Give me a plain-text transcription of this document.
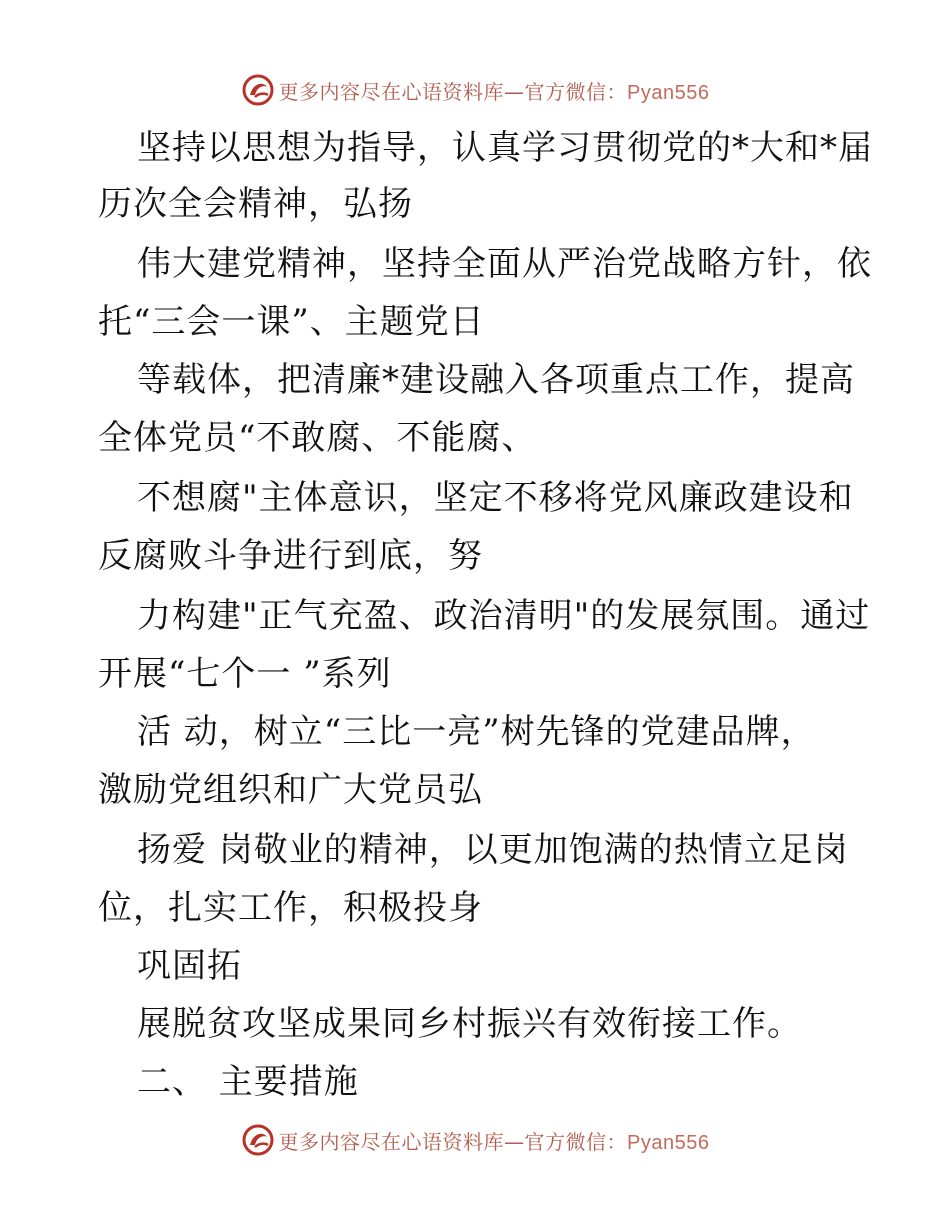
更多内容尽在心语资料库—官方微信：Pyan556
坚持以思想为指导，认真学习贯彻党的*大和*届
历次全会精神，弘扬
伟大建党精神，坚持全面从严治党战略方针，依
托“三会一课”、主题党日
等载体，把清廉*建设融入各项重点工作，提高
全体党员“不敢腐、不能腐、
不想腐"主体意识，坚定不移将党风廉政建设和
反腐败斗争进行到底，努
力构建"正气充盈、政治清明"的发展氛围。通过
开展“七个一 ”系列
活 动，树立“三比一亮”树先锋的党建品牌，
激励党组织和广大党员弘
扬爱 岗敬业的精神，以更加饱满的热情立足岗
位，扎实工作，积极投身
巩固拓
展脱贫攻坚成果同乡村振兴有效衔接工作。
二、 主要措施
更多内容尽在心语资料库—官方微信：Pyan556
